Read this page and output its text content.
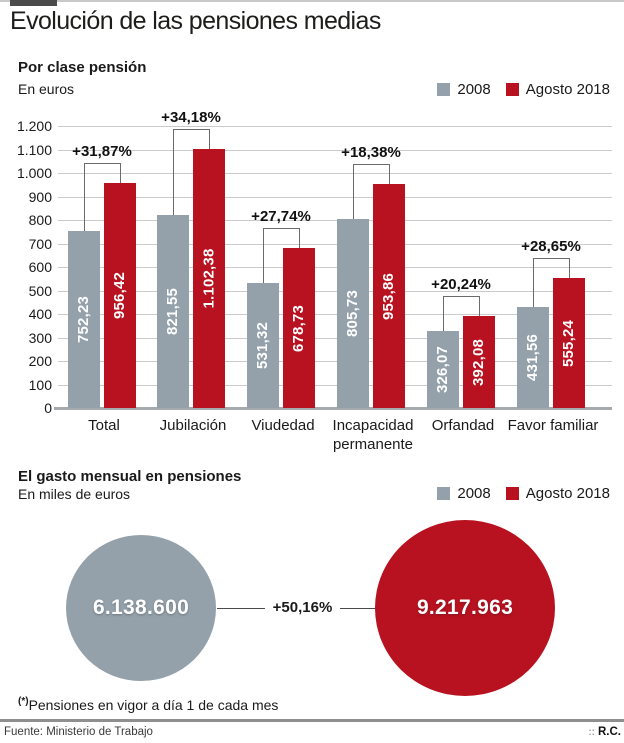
Evolución de las pensiones medias
Por clase pensión
En euros	2008 Agosto 2018
0
100
200
300
400
500
600
700
800
900
1.000
1.100
1.200
752,23
956,42
+31,87%
821,55
1.102,38
+34,18%
531,32 678,73
+27,74%
805,73 953,86
+18,38%
326,07 392,08
+20,24%
431,56 555,24
+28,65%
Total	Jubilación	Viudedad	Incapacidad permanente
Orfandad Favor familiar
El gasto mensual en pensiones
En miles de euros	2008 Agosto 2018
6.138.600	+50,16%	9.217.963
(*)Pensiones en vigor a día 1 de cada mes
Fuente: Ministerio de Trabajo	:: R.C.
